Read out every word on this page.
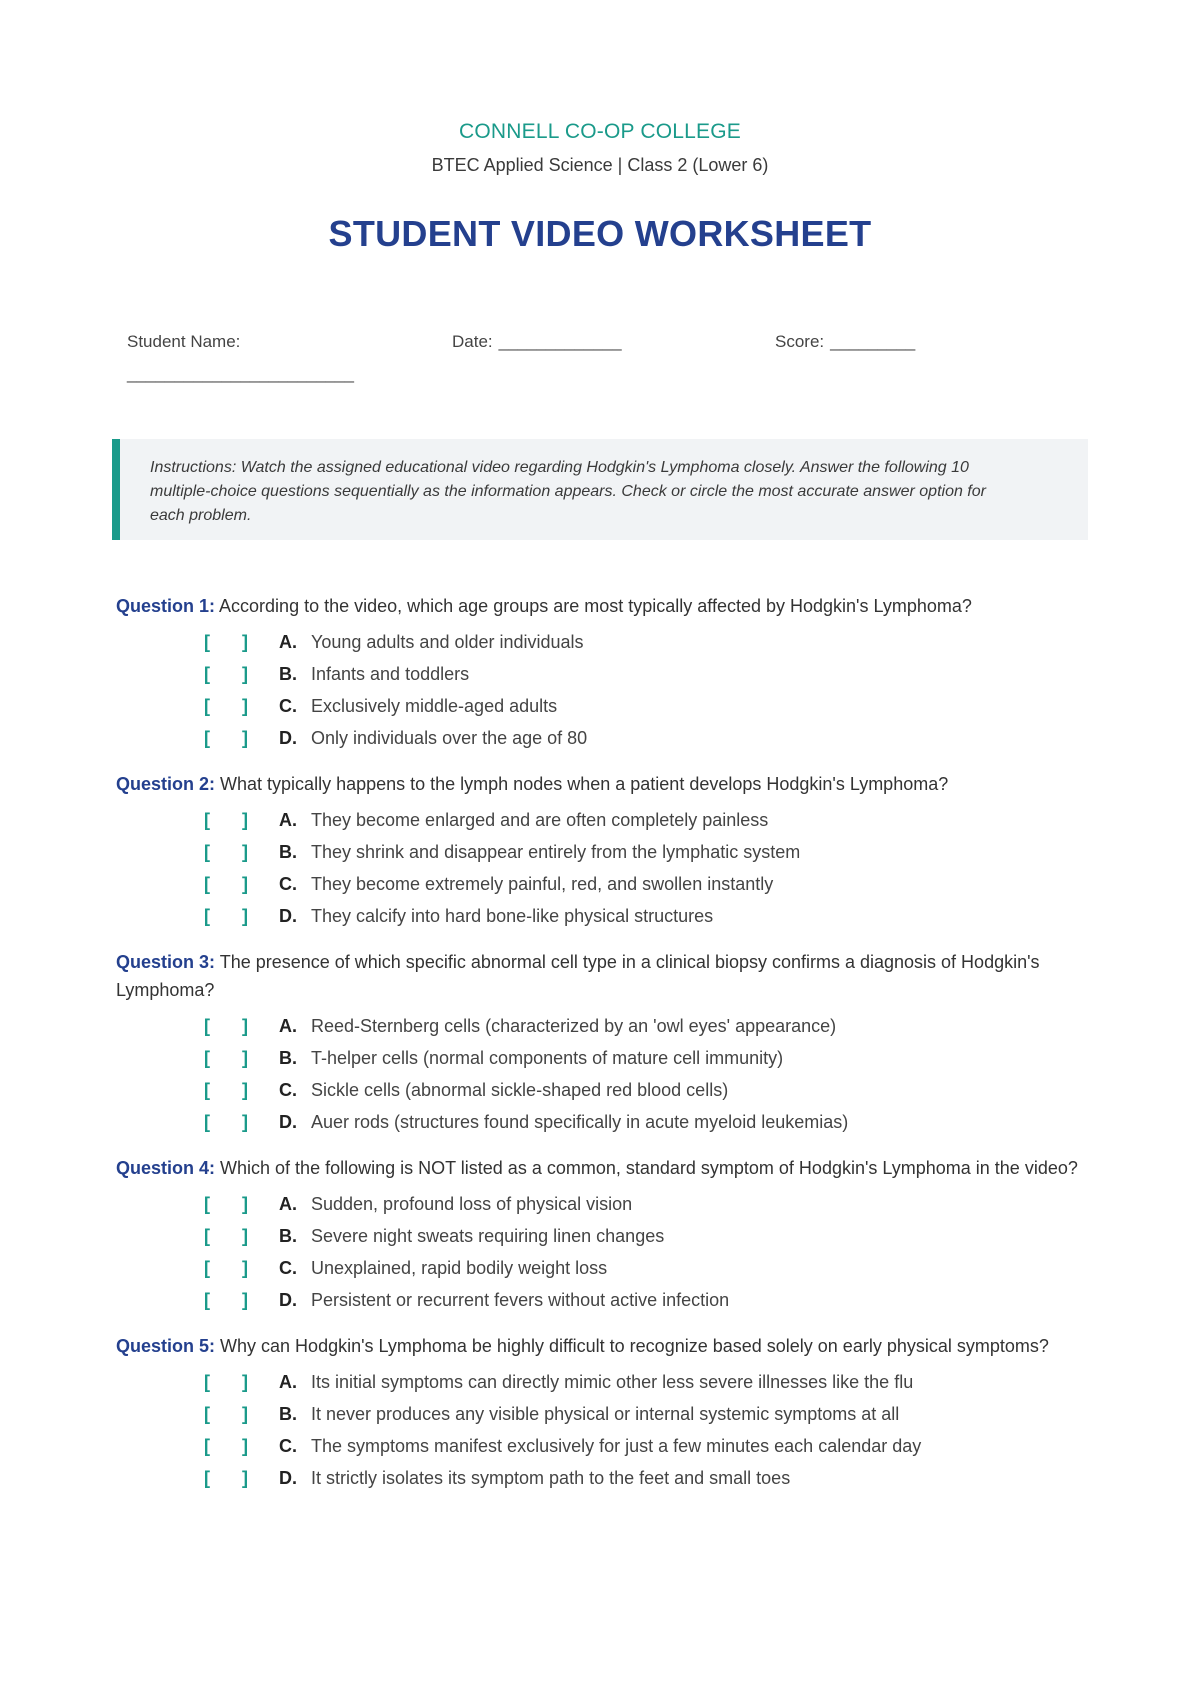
CONNELL CO-OP COLLEGE
BTEC Applied Science | Class 2 (Lower 6)
STUDENT VIDEO WORKSHEET
Student Name:
________________________
Date: _____________	Score: _________
Instructions: Watch the assigned educational video regarding Hodgkin's Lymphoma closely. Answer the following 10 multiple-choice questions sequentially as the information appears. Check or circle the most accurate answer option for each problem.
Question 1: According to the video, which age groups are most typically affected by Hodgkin's Lymphoma?
[ ] A. Young adults and older individuals
[ ] B. Infants and toddlers
[ ] C. Exclusively middle-aged adults
[ ] D. Only individuals over the age of 80
Question 2: What typically happens to the lymph nodes when a patient develops Hodgkin's Lymphoma?
[ ] A. They become enlarged and are often completely painless
[ ] B. They shrink and disappear entirely from the lymphatic system
[ ] C. They become extremely painful, red, and swollen instantly
[ ] D. They calcify into hard bone-like physical structures
Question 3: The presence of which specific abnormal cell type in a clinical biopsy confirms a diagnosis of Hodgkin's Lymphoma?
[ ] A. Reed-Sternberg cells (characterized by an 'owl eyes' appearance)
[ ] B. T-helper cells (normal components of mature cell immunity)
[ ] C. Sickle cells (abnormal sickle-shaped red blood cells)
[ ] D. Auer rods (structures found specifically in acute myeloid leukemias)
Question 4: Which of the following is NOT listed as a common, standard symptom of Hodgkin's Lymphoma in the video?
[ ] A. Sudden, profound loss of physical vision
[ ] B. Severe night sweats requiring linen changes
[ ] C. Unexplained, rapid bodily weight loss
[ ] D. Persistent or recurrent fevers without active infection
Question 5: Why can Hodgkin's Lymphoma be highly difficult to recognize based solely on early physical symptoms?
[ ] A. Its initial symptoms can directly mimic other less severe illnesses like the flu
[ ] B. It never produces any visible physical or internal systemic symptoms at all
[ ] C. The symptoms manifest exclusively for just a few minutes each calendar day
[ ] D. It strictly isolates its symptom path to the feet and small toes
